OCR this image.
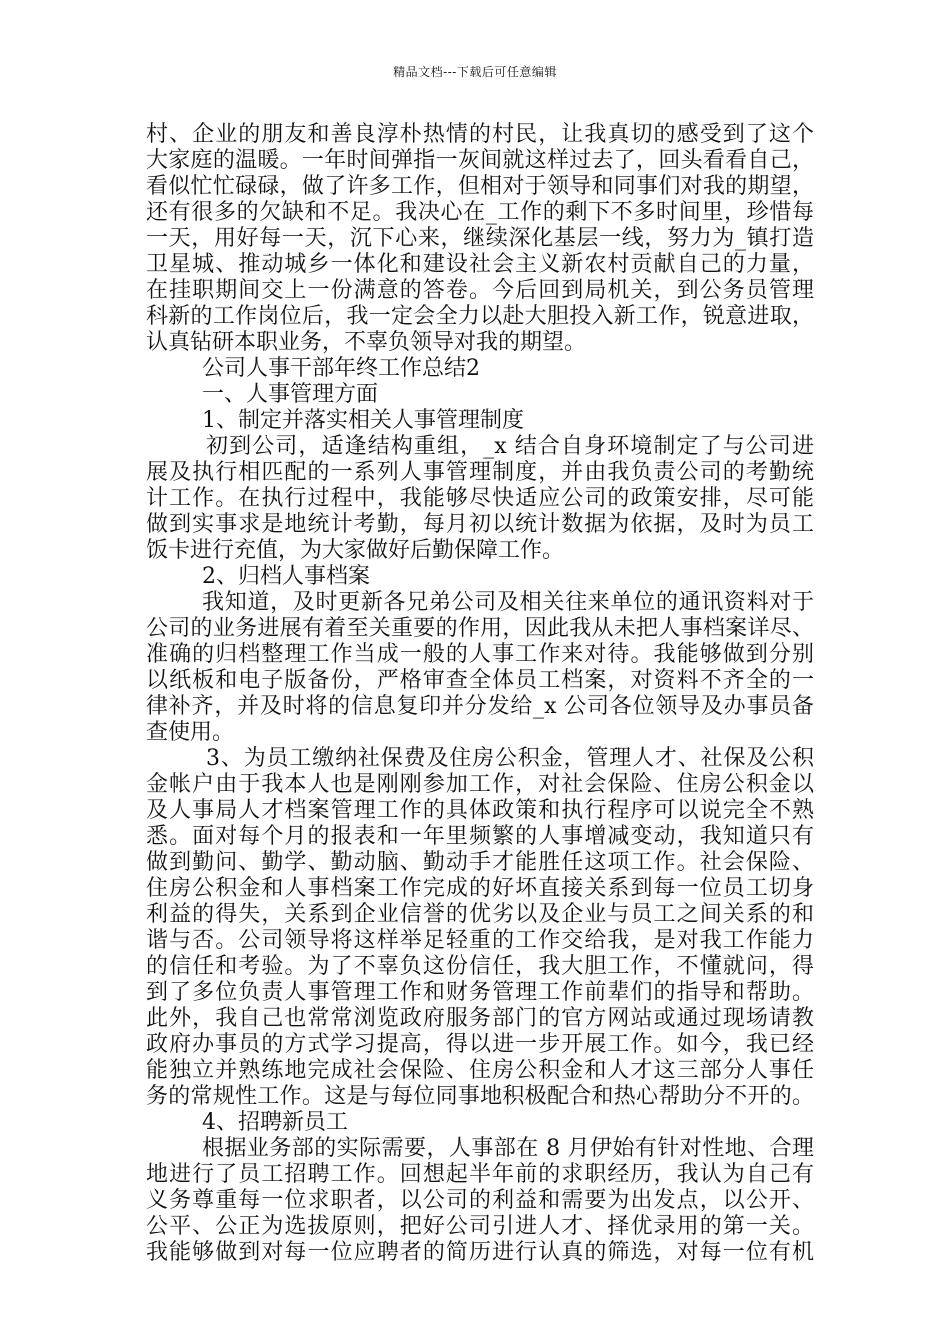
精品文档---下载后可任意编辑
村、企业的朋友和善良淳朴热情的村民，让我真切的感受到了这个
大家庭的温暖。一年时间弹指一灰间就这样过去了，回头看看自己，
看似忙忙碌碌，做了许多工作，但相对于领导和同事们对我的期望，
还有很多的欠缺和不足。我决心在_工作的剩下不多时间里，珍惜每
一天，用好每一天，沉下心来，继续深化基层一线，努力为_镇打造
卫星城、推动城乡一体化和建设社会主义新农村贡献自己的力量，
在挂职期间交上一份满意的答卷。今后回到局机关，到公务员管理
科新的工作岗位后，我一定会全力以赴大胆投入新工作，锐意进取，
认真钻研本职业务，不辜负领导对我的期望。
公司人事干部年终工作总结2
一、人事管理方面
1、制定并落实相关人事管理制度
初到公司，适逢结构重组，_x 结合自身环境制定了与公司进
展及执行相匹配的一系列人事管理制度，并由我负责公司的考勤统
计工作。在执行过程中，我能够尽快适应公司的政策安排，尽可能
做到实事求是地统计考勤，每月初以统计数据为依据，及时为员工
饭卡进行充值，为大家做好后勤保障工作。
2、归档人事档案
我知道，及时更新各兄弟公司及相关往来单位的通讯资料对于
公司的业务进展有着至关重要的作用，因此我从未把人事档案详尽、
准确的归档整理工作当成一般的人事工作来对待。我能够做到分别
以纸板和电子版备份，严格审查全体员工档案，对资料不齐全的一
律补齐，并及时将的信息复印并分发给_x 公司各位领导及办事员备
查使用。
3、为员工缴纳社保费及住房公积金，管理人才、社保及公积
金帐户由于我本人也是刚刚参加工作，对社会保险、住房公积金以
及人事局人才档案管理工作的具体政策和执行程序可以说完全不熟
悉。面对每个月的报表和一年里频繁的人事增减变动，我知道只有
做到勤问、勤学、勤动脑、勤动手才能胜任这项工作。社会保险、
住房公积金和人事档案工作完成的好坏直接关系到每一位员工切身
利益的得失，关系到企业信誉的优劣以及企业与员工之间关系的和
谐与否。公司领导将这样举足轻重的工作交给我，是对我工作能力
的信任和考验。为了不辜负这份信任，我大胆工作，不懂就问，得
到了多位负责人事管理工作和财务管理工作前辈们的指导和帮助。
此外，我自己也常常浏览政府服务部门的官方网站或通过现场请教
政府办事员的方式学习提高，得以进一步开展工作。如今，我已经
能独立并熟练地完成社会保险、住房公积金和人才这三部分人事任
务的常规性工作。这是与每位同事地积极配合和热心帮助分不开的。
4、招聘新员工
根据业务部的实际需要，人事部在 8 月伊始有针对性地、合理
地进行了员工招聘工作。回想起半年前的求职经历，我认为自己有
义务尊重每一位求职者，以公司的利益和需要为出发点，以公开、
公平、公正为选拔原则，把好公司引进人才、择优录用的第一关。
我能够做到对每一位应聘者的简历进行认真的筛选，对每一位有机
